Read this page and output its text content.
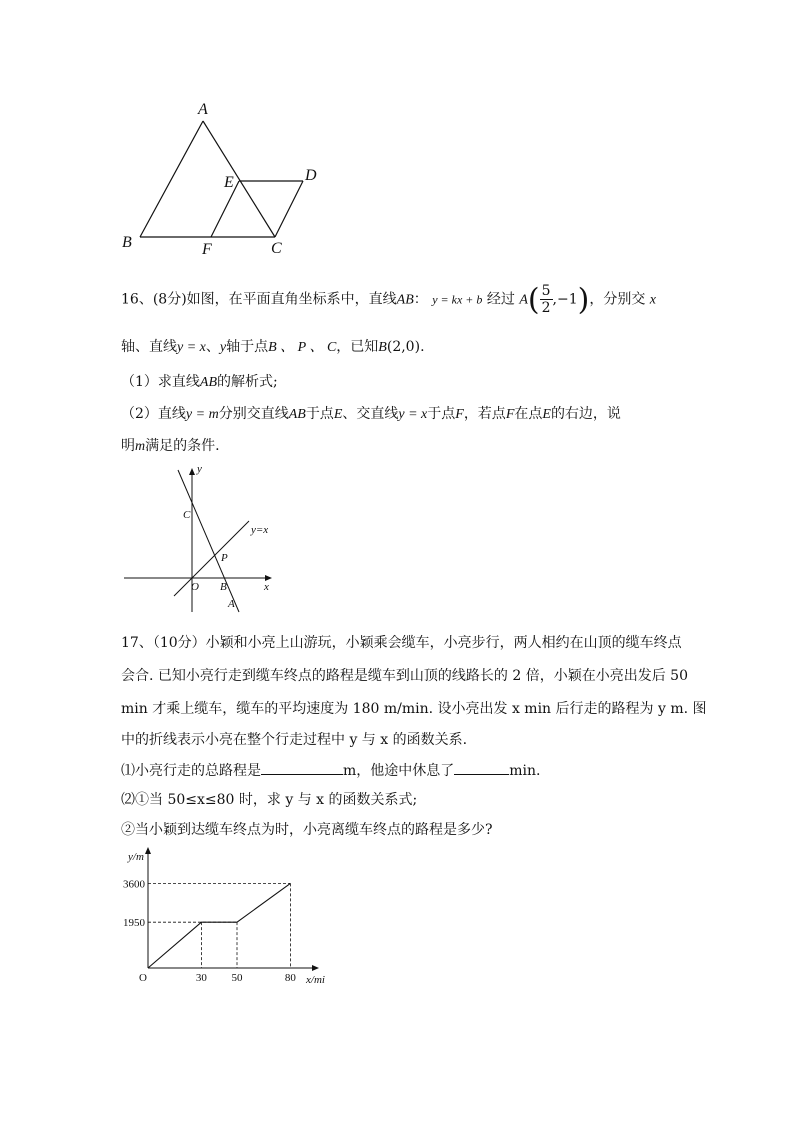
A
B	C
D
E
F
16、(8分)如图，在平面直角坐标系中，直线AB： y = kx + b 经过 $A( \frac{5}{2} ,-1)$，分别交 x
轴、直线y = x、y轴于点B 、 P 、 C，已知B(2,0).
（1）求直线AB的解析式;
（2）直线y = m分别交直线AB于点E、交直线y = x于点F，若点F在点E的右边，说
明m满足的条件.
y
x
O
C
P
B
A
y=x
17、（10分）小颖和小亮上山游玩，小颖乘会缆车，小亮步行，两人相约在山顶的缆车终点
会合. 已知小亮行走到缆车终点的路程是缆车到山顶的线路长的 2 倍，小颖在小亮出发后 50
min 才乘上缆车，缆车的平均速度为 180 m/min. 设小亮出发 x min 后行走的路程为 y m. 图
中的折线表示小亮在整个行走过程中 y 与 x 的函数关系.
⑴小亮行走的总路程是	m，他途中休息了	min.
⑵①当 50≤x≤80 时，求 y 与 x 的函数关系式;
②当小颖到达缆车终点为时，小亮离缆车终点的路程是多少?
30 50	80
1950
3600
O
y/m
x/mi
